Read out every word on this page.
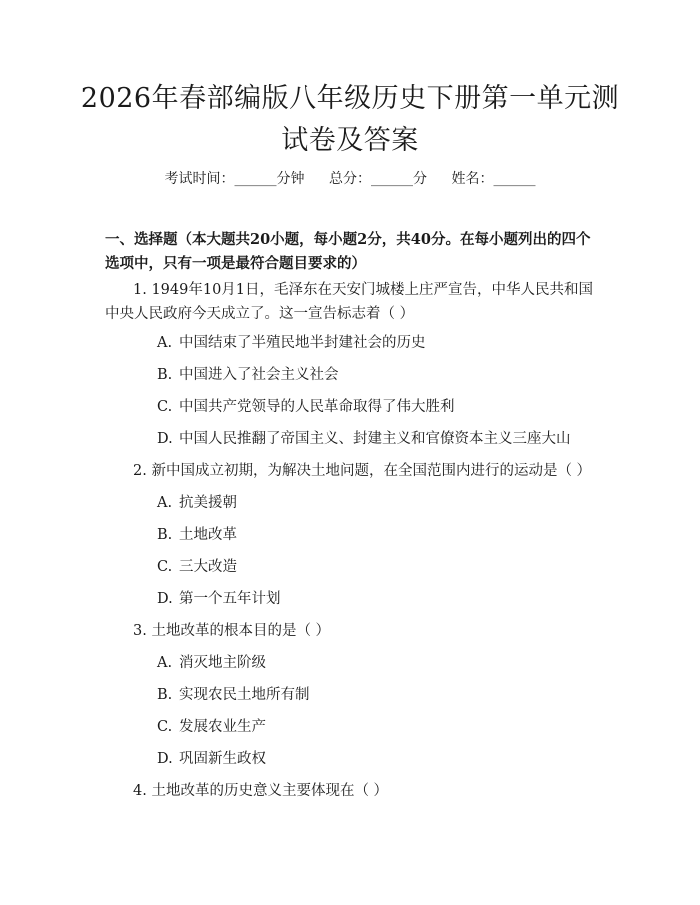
2026年春部编版八年级历史下册第一单元测试卷及答案
考试时间：______分钟 总分：______分 姓名：______
一、选择题（本大题共20小题，每小题2分，共40分。在每小题列出的四个选项中，只有一项是最符合题目要求的）
1. 1949年10月1日，毛泽东在天安门城楼上庄严宣告，中华人民共和国中央人民政府今天成立了。这一宣告标志着（ ）
A. 中国结束了半殖民地半封建社会的历史
B. 中国进入了社会主义社会
C. 中国共产党领导的人民革命取得了伟大胜利
D. 中国人民推翻了帝国主义、封建主义和官僚资本主义三座大山
2. 新中国成立初期，为解决土地问题，在全国范围内进行的运动是（ ）
A. 抗美援朝
B. 土地改革
C. 三大改造
D. 第一个五年计划
3. 土地改革的根本目的是（ ）
A. 消灭地主阶级
B. 实现农民土地所有制
C. 发展农业生产
D. 巩固新生政权
4. 土地改革的历史意义主要体现在（ ）
